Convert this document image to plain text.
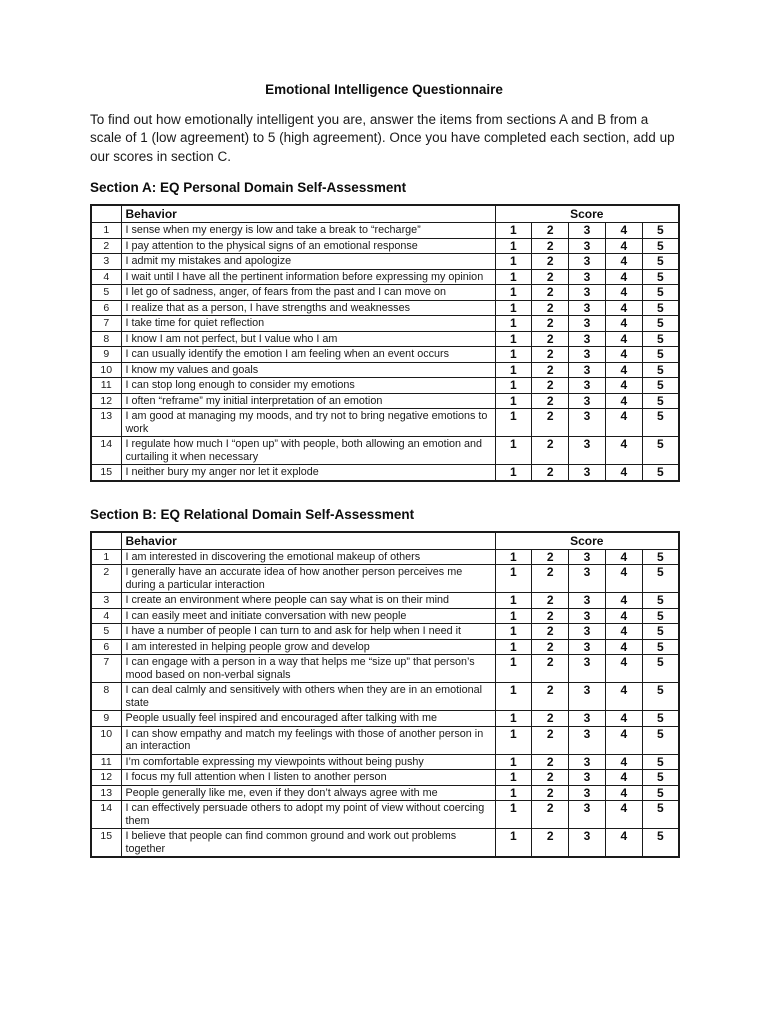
Emotional Intelligence Questionnaire

To find out how emotionally intelligent you are, answer the items from sections A and B from a scale of 1 (low agreement) to 5 (high agreement). Once you have completed each section, add up our scores in section C.

Section A: EQ Personal Domain Self-Assessment
	Behavior	Score				
1	I sense when my energy is low and take a break to “recharge”	1	2	3	4	5
2	I pay attention to the physical signs of an emotional response	1	2	3	4	5
3	I admit my mistakes and apologize	1	2	3	4	5
4	I wait until I have all the pertinent information before expressing my opinion	1	2	3	4	5
5	I let go of sadness, anger, of fears from the past and I can move on	1	2	3	4	5
6	I realize that as a person, I have strengths and weaknesses	1	2	3	4	5
7	I take time for quiet reflection	1	2	3	4	5
8	I know I am not perfect, but I value who I am	1	2	3	4	5
9	I can usually identify the emotion I am feeling when an event occurs	1	2	3	4	5
10	I know my values and goals	1	2	3	4	5
11	I can stop long enough to consider my emotions	1	2	3	4	5
12	I often “reframe” my initial interpretation of an emotion	1	2	3	4	5
13	I am good at managing my moods, and try not to bring negative emotions to work	1	2	3	4	5
14	I regulate how much I “open up” with people, both allowing an emotion and curtailing it when necessary	1	2	3	4	5
15	I neither bury my anger nor let it explode	1	2	3	4	5
Section B: EQ Relational Domain Self-Assessment
	Behavior	Score				
1	I am interested in discovering the emotional makeup of others	1	2	3	4	5
2	I generally have an accurate idea of how another person perceives me during a particular interaction	1	2	3	4	5
3	I create an environment where people can say what is on their mind	1	2	3	4	5
4	I can easily meet and initiate conversation with new people	1	2	3	4	5
5	I have a number of people I can turn to and ask for help when I need it	1	2	3	4	5
6	I am interested in helping people grow and develop	1	2	3	4	5
7	I can engage with a person in a way that helps me “size up” that person’s mood based on non-verbal signals	1	2	3	4	5
8	I can deal calmly and sensitively with others when they are in an emotional state	1	2	3	4	5
9	People usually feel inspired and encouraged after talking with me	1	2	3	4	5
10	I can show empathy and match my feelings with those of another person in an interaction	1	2	3	4	5
11	I’m comfortable expressing my viewpoints without being pushy	1	2	3	4	5
12	I focus my full attention when I listen to another person	1	2	3	4	5
13	People generally like me, even if they don’t always agree with me	1	2	3	4	5
14	I can effectively persuade others to adopt my point of view without coercing them	1	2	3	4	5
15	I believe that people can find common ground and work out problems together	1	2	3	4	5
